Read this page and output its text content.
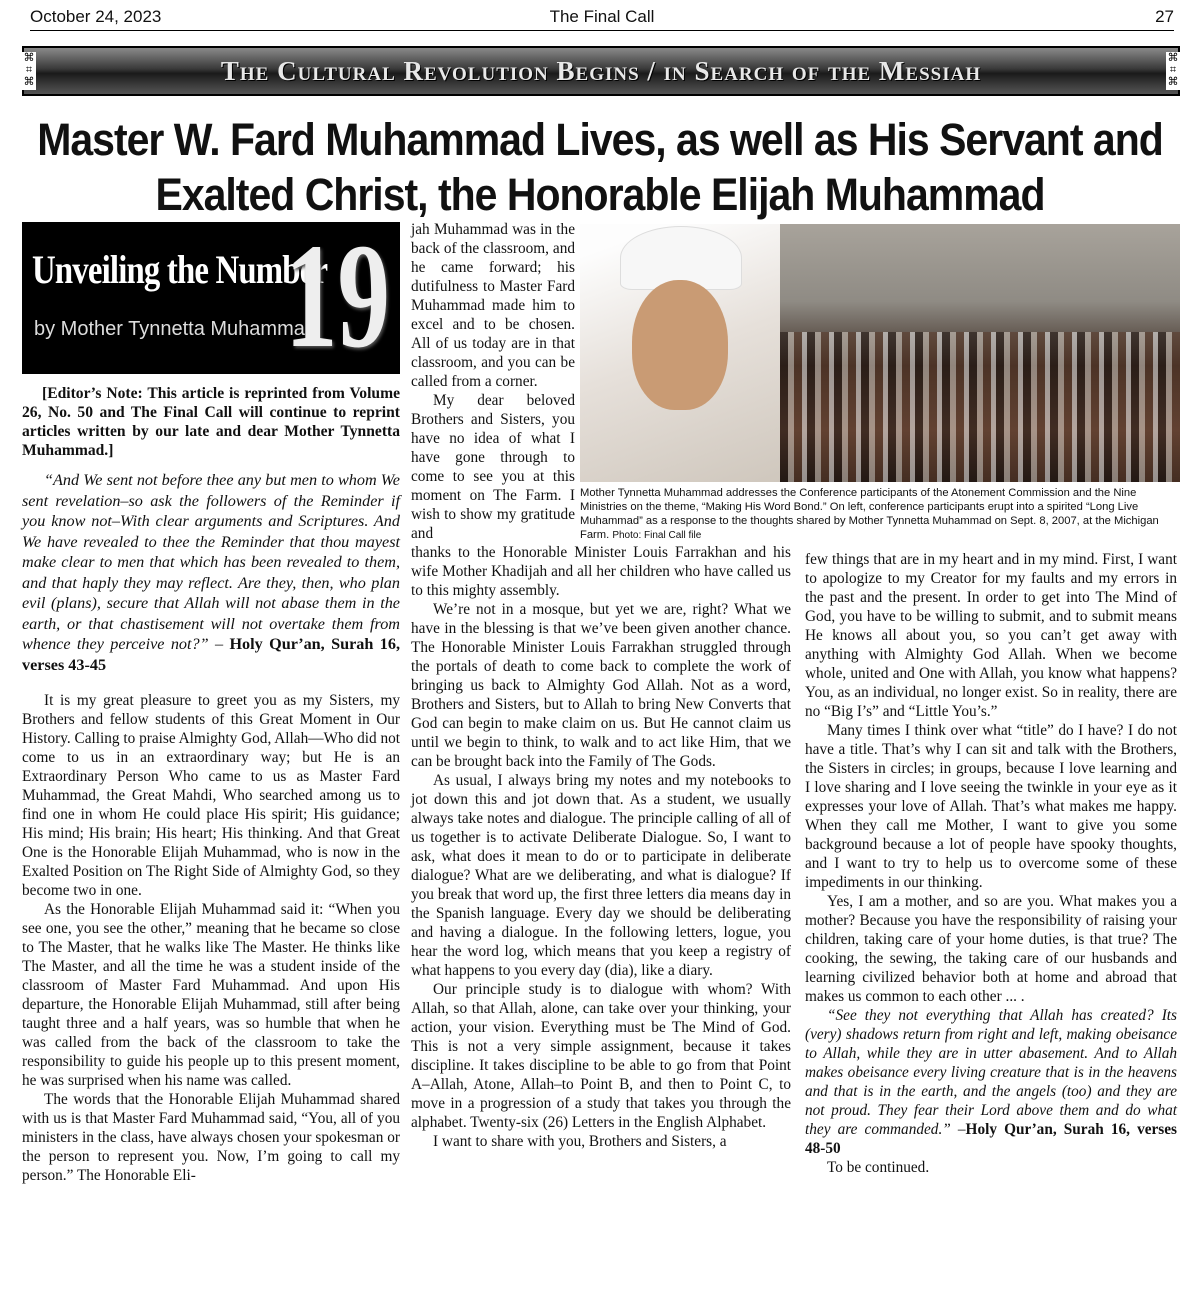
October 24, 2023	The Final Call	27
⌘
⌗
⌘	The Cultural Revolution Begins / in Search of the Messiah	⌘
⌗
⌘
Master W. Fard Muhammad Lives, as well as His Servant and
Exalted Christ, the Honorable Elijah Muhammad
Unveiling the Number
by Mother Tynnetta Muhammad
19

[Editor’s Note: This article is reprinted from Volume 26, No. 50 and The Final Call will continue to reprint articles written by our late and dear Mother Tynnetta Muhammad.]

“And We sent not before thee any but men to whom We sent revelation–so ask the followers of the Reminder if you know not–With clear arguments and Scriptures. And We have revealed to thee the Reminder that thou mayest make clear to men that which has been revealed to them, and that haply they may reflect. Are they, then, who plan evil (plans), secure that Allah will not abase them in the earth, or that chastisement will not overtake them from whence they perceive not?” – Holy Qur’an, Surah 16, verses 43-45

It is my great pleasure to greet you as my Sisters, my Brothers and fellow students of this Great Moment in Our History. Calling to praise Almighty God, Allah—Who did not come to us in an extraordinary way; but He is an Extraordinary Person Who came to us as Master Fard Muhammad, the Great Mahdi, Who searched among us to find one in whom He could place His spirit; His guidance; His mind; His brain; His heart; His thinking. And that Great One is the Honorable Elijah Muhammad, who is now in the Exalted Position on The Right Side of Almighty God, so they become two in one.

As the Honorable Elijah Muhammad said it: “When you see one, you see the other,” meaning that he became so close to The Master, that he walks like The Master. He thinks like The Master, and all the time he was a student inside of the classroom of Master Fard Muhammad. And upon His departure, the Honorable Elijah Muhammad, still after being taught three and a half years, was so humble that when he was called from the back of the classroom to take the responsibility to guide his people up to this present moment, he was surprised when his name was called.

The words that the Honorable Elijah Muhammad shared with us is that Master Fard Muhammad said, “You, all of you ministers in the class, have always chosen your spokesman or the person to represent you. Now, I’m going to call my person.” The Honorable Eli-

jah Muhammad was in the back of the classroom, and he came forward; his dutifulness to Master Fard Muhammad made him to excel and to be chosen. All of us today are in that classroom, and you can be called from a corner.

My dear beloved Brothers and Sisters, you have no idea of what I have gone through to come to see you at this moment on The Farm. I wish to show my gratitude and

thanks to the Honorable Minister Louis Farrakhan and his wife Mother Khadijah and all her children who have called us to this mighty assembly.

We’re not in a mosque, but yet we are, right? What we have in the blessing is that we’ve been given another chance. The Honorable Minister Louis Farrakhan struggled through the portals of death to come back to complete the work of bringing us back to Almighty God Allah. Not as a word, Brothers and Sisters, but to Allah to bring New Converts that God can begin to make claim on us. But He cannot claim us until we begin to think, to walk and to act like Him, that we can be brought back into the Family of The Gods.

As usual, I always bring my notes and my notebooks to jot down this and jot down that. As a student, we usually always take notes and dialogue. The principle calling of all of us together is to activate Deliberate Dialogue. So, I want to ask, what does it mean to do or to participate in deliberate dialogue? What are we deliberating, and what is dialogue? If you break that word up, the first three letters dia means day in the Spanish language. Every day we should be deliberating and having a dialogue. In the following letters, logue, you hear the word log, which means that you keep a registry of what happens to you every day (dia), like a diary.

Our principle study is to dialogue with whom? With Allah, so that Allah, alone, can take over your thinking, your action, your vision. Everything must be The Mind of God. This is not a very simple assignment, because it takes discipline. It takes discipline to be able to go from that Point A–Allah, Atone, Allah–to Point B, and then to Point C, to move in a progression of a study that takes you through the alphabet. Twenty-six (26) Letters in the English Alphabet.

I want to share with you, Brothers and Sisters, a

Mother Tynnetta Muhammad addresses the Conference participants of the Atonement Commission and the Nine Ministries on the theme, “Making His Word Bond.” On left, conference participants erupt into a spirited “Long Live Muhammad” as a response to the thoughts shared by Mother Tynnetta Muhammad on Sept. 8, 2007, at the Michigan Farm. Photo: Final Call file

few things that are in my heart and in my mind. First, I want to apologize to my Creator for my faults and my errors in the past and the present. In order to get into The Mind of God, you have to be willing to submit, and to submit means He knows all about you, so you can’t get away with anything with Almighty God Allah. When we become whole, united and One with Allah, you know what happens? You, as an individual, no longer exist. So in reality, there are no “Big I’s” and “Little You’s.”

Many times I think over what “title” do I have? I do not have a title. That’s why I can sit and talk with the Brothers, the Sisters in circles; in groups, because I love learning and I love sharing and I love seeing the twinkle in your eye as it expresses your love of Allah. That’s what makes me happy. When they call me Mother, I want to give you some background because a lot of people have spooky thoughts, and I want to try to help us to overcome some of these impediments in our thinking.

Yes, I am a mother, and so are you. What makes you a mother? Because you have the responsibility of raising your children, taking care of your home duties, is that true? The cooking, the sewing, the taking care of our husbands and learning civilized behavior both at home and abroad that makes us common to each other ... .

“See they not everything that Allah has created? Its (very) shadows return from right and left, making obeisance to Allah, while they are in utter abasement. And to Allah makes obeisance every living creature that is in the heavens and that is in the earth, and the angels (too) and they are not proud. They fear their Lord above them and do what they are commanded.” –Holy Qur’an, Surah 16, verses 48-50

To be continued.
